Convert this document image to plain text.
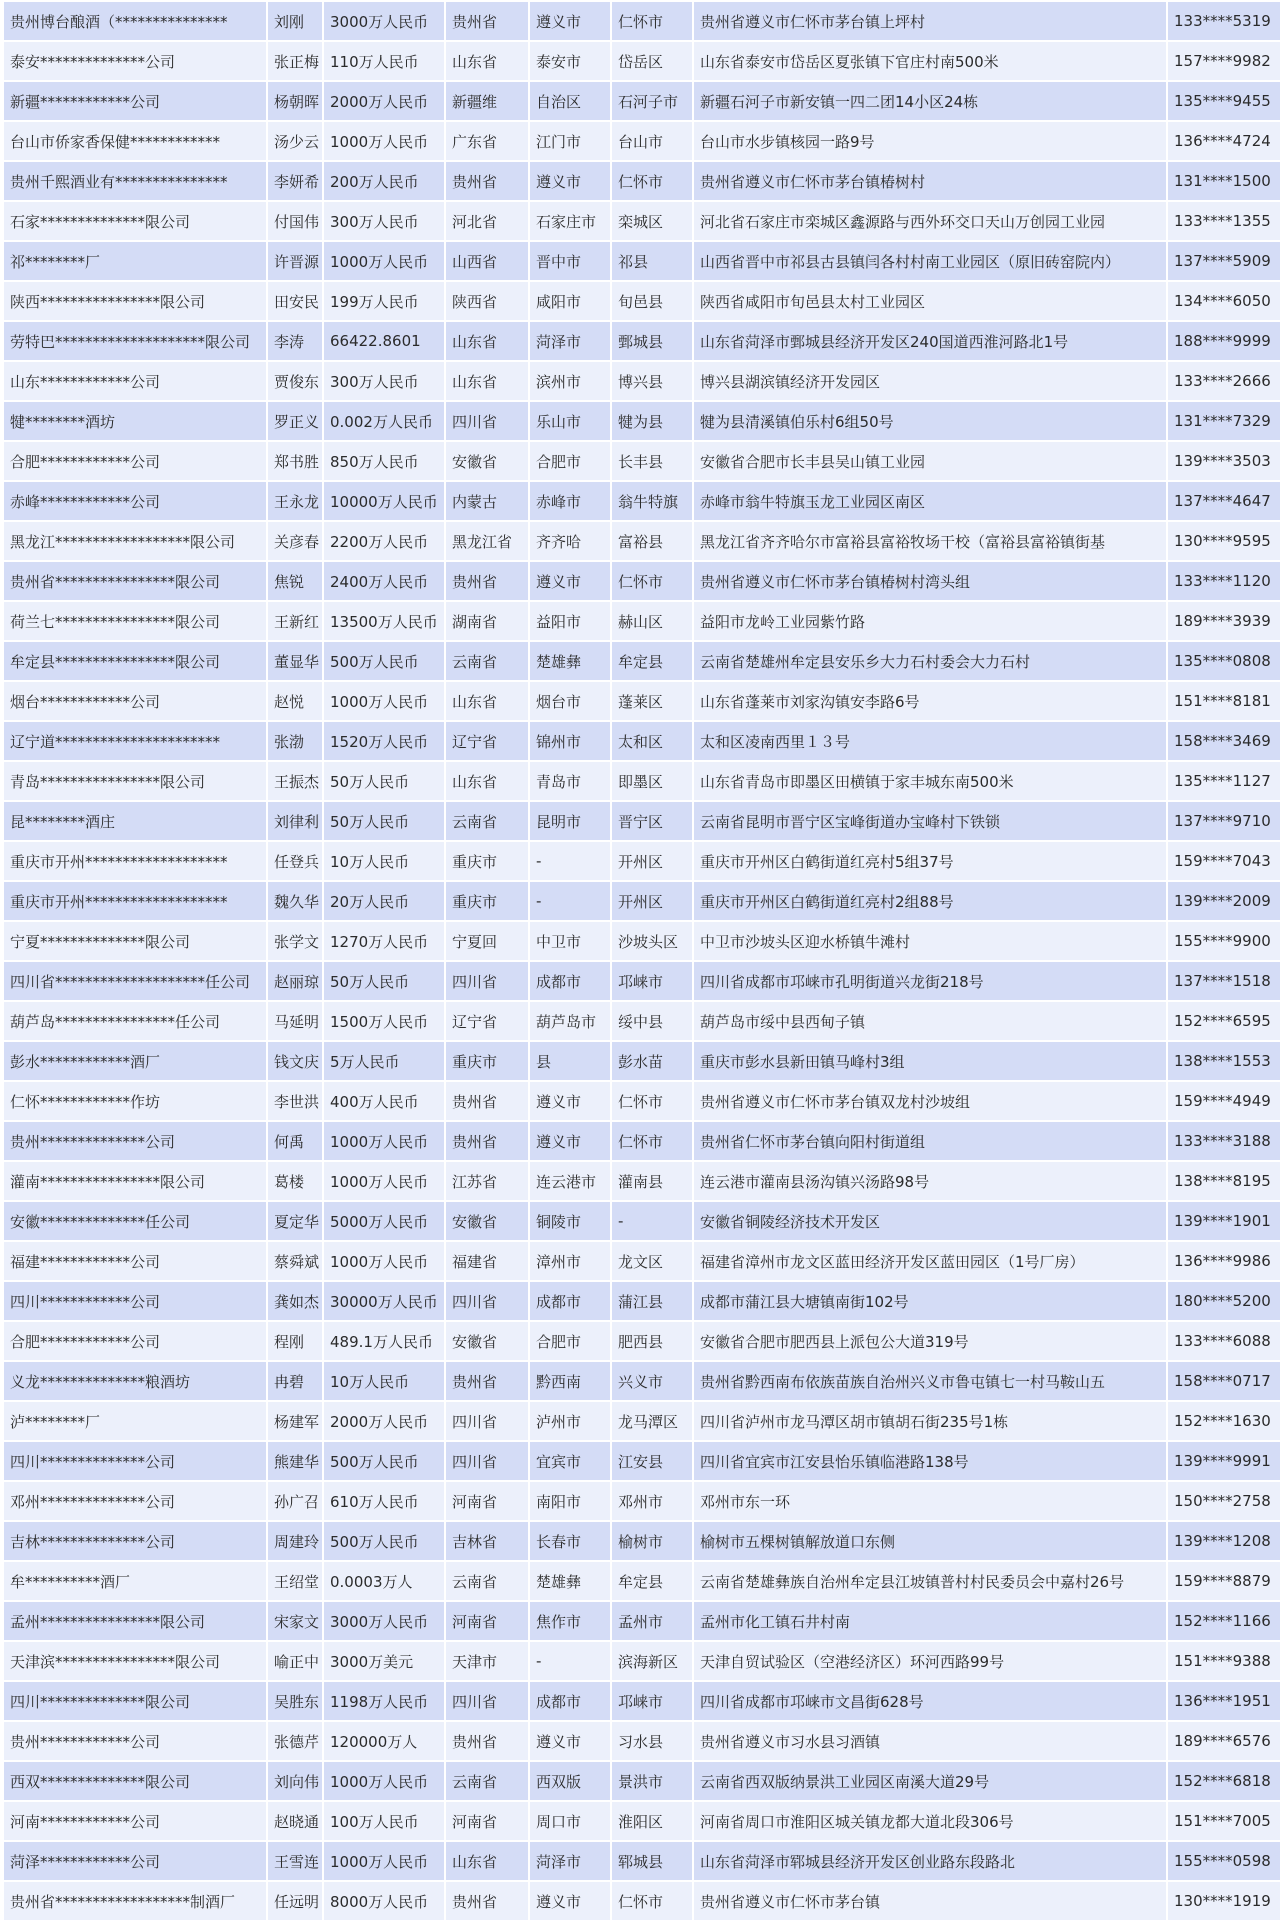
贵州博台酿酒（***************	刘刚	3000万人民币	贵州省	遵义市	仁怀市	贵州省遵义市仁怀市茅台镇上坪村	133****5319
泰安**************公司	张正梅	110万人民币	山东省	泰安市	岱岳区	山东省泰安市岱岳区夏张镇下官庄村南500米	157****9982
新疆************公司	杨朝晖	2000万人民币	新疆维	自治区	石河子市	新疆石河子市新安镇一四二团14小区24栋	135****9455
台山市侨家香保健************	汤少云	1000万人民币	广东省	江门市	台山市	台山市水步镇核园一路9号	136****4724
贵州千熙酒业有***************	李妍希	200万人民币	贵州省	遵义市	仁怀市	贵州省遵义市仁怀市茅台镇椿树村	131****1500
石家**************限公司	付国伟	300万人民币	河北省	石家庄市	栾城区	河北省石家庄市栾城区鑫源路与西外环交口天山万创园工业园	133****1355
祁********厂	许晋源	1000万人民币	山西省	晋中市	祁县	山西省晋中市祁县古县镇闫各村村南工业园区（原旧砖窑院内）	137****5909
陕西****************限公司	田安民	199万人民币	陕西省	咸阳市	旬邑县	陕西省咸阳市旬邑县太村工业园区	134****6050
劳特巴********************限公司	李涛	66422.8601	山东省	菏泽市	鄄城县	山东省菏泽市鄄城县经济开发区240国道西淮河路北1号	188****9999
山东************公司	贾俊东	300万人民币	山东省	滨州市	博兴县	博兴县湖滨镇经济开发园区	133****2666
犍********酒坊	罗正义	0.002万人民币	四川省	乐山市	犍为县	犍为县清溪镇伯乐村6组50号	131****7329
合肥************公司	郑书胜	850万人民币	安徽省	合肥市	长丰县	安徽省合肥市长丰县吴山镇工业园	139****3503
赤峰************公司	王永龙	10000万人民币	内蒙古	赤峰市	翁牛特旗	赤峰市翁牛特旗玉龙工业园区南区	137****4647
黑龙江******************限公司	关彦春	2200万人民币	黑龙江省	齐齐哈	富裕县	黑龙江省齐齐哈尔市富裕县富裕牧场干校（富裕县富裕镇街基	130****9595
贵州省****************限公司	焦锐	2400万人民币	贵州省	遵义市	仁怀市	贵州省遵义市仁怀市茅台镇椿树村湾头组	133****1120
荷兰七****************限公司	王新红	13500万人民币	湖南省	益阳市	赫山区	益阳市龙岭工业园紫竹路	189****3939
牟定县****************限公司	董显华	500万人民币	云南省	楚雄彝	牟定县	云南省楚雄州牟定县安乐乡大力石村委会大力石村	135****0808
烟台************公司	赵悦	1000万人民币	山东省	烟台市	蓬莱区	山东省蓬莱市刘家沟镇安李路6号	151****8181
辽宁道**********************	张渤	1520万人民币	辽宁省	锦州市	太和区	太和区凌南西里１３号	158****3469
青岛****************限公司	王振杰	50万人民币	山东省	青岛市	即墨区	山东省青岛市即墨区田横镇于家丰城东南500米	135****1127
昆********酒庄	刘律利	50万人民币	云南省	昆明市	晋宁区	云南省昆明市晋宁区宝峰街道办宝峰村下铁锁	137****9710
重庆市开州*******************	任登兵	10万人民币	重庆市	-	开州区	重庆市开州区白鹤街道红亮村5组37号	159****7043
重庆市开州*******************	魏久华	20万人民币	重庆市	-	开州区	重庆市开州区白鹤街道红亮村2组88号	139****2009
宁夏**************限公司	张学文	1270万人民币	宁夏回	中卫市	沙坡头区	中卫市沙坡头区迎水桥镇牛滩村	155****9900
四川省********************任公司	赵丽琼	50万人民币	四川省	成都市	邛崃市	四川省成都市邛崃市孔明街道兴龙街218号	137****1518
葫芦岛****************任公司	马延明	1500万人民币	辽宁省	葫芦岛市	绥中县	葫芦岛市绥中县西甸子镇	152****6595
彭水************酒厂	钱文庆	5万人民币	重庆市	县	彭水苗	重庆市彭水县新田镇马峰村3组	138****1553
仁怀************作坊	李世洪	400万人民币	贵州省	遵义市	仁怀市	贵州省遵义市仁怀市茅台镇双龙村沙坡组	159****4949
贵州**************公司	何禹	1000万人民币	贵州省	遵义市	仁怀市	贵州省仁怀市茅台镇向阳村街道组	133****3188
灌南****************限公司	葛楼	1000万人民币	江苏省	连云港市	灌南县	连云港市灌南县汤沟镇兴汤路98号	138****8195
安徽**************任公司	夏定华	5000万人民币	安徽省	铜陵市	-	安徽省铜陵经济技术开发区	139****1901
福建************公司	蔡舜斌	1000万人民币	福建省	漳州市	龙文区	福建省漳州市龙文区蓝田经济开发区蓝田园区（1号厂房）	136****9986
四川************公司	龚如杰	30000万人民币	四川省	成都市	蒲江县	成都市蒲江县大塘镇南街102号	180****5200
合肥************公司	程刚	489.1万人民币	安徽省	合肥市	肥西县	安徽省合肥市肥西县上派包公大道319号	133****6088
义龙**************粮酒坊	冉碧	10万人民币	贵州省	黔西南	兴义市	贵州省黔西南布依族苗族自治州兴义市鲁屯镇七一村马鞍山五	158****0717
泸********厂	杨建军	2000万人民币	四川省	泸州市	龙马潭区	四川省泸州市龙马潭区胡市镇胡石街235号1栋	152****1630
四川**************公司	熊建华	500万人民币	四川省	宜宾市	江安县	四川省宜宾市江安县怡乐镇临港路138号	139****9991
邓州**************公司	孙广召	610万人民币	河南省	南阳市	邓州市	邓州市东一环	150****2758
吉林**************公司	周建玲	500万人民币	吉林省	长春市	榆树市	榆树市五棵树镇解放道口东侧	139****1208
牟**********酒厂	王绍堂	0.0003万人	云南省	楚雄彝	牟定县	云南省楚雄彝族自治州牟定县江坡镇普村村民委员会中嘉村26号	159****8879
孟州****************限公司	宋家文	3000万人民币	河南省	焦作市	孟州市	孟州市化工镇石井村南	152****1166
天津滨****************限公司	喻正中	3000万美元	天津市	-	滨海新区	天津自贸试验区（空港经济区）环河西路99号	151****9388
四川**************限公司	吴胜东	1198万人民币	四川省	成都市	邛崃市	四川省成都市邛崃市文昌街628号	136****1951
贵州************公司	张德芹	120000万人	贵州省	遵义市	习水县	贵州省遵义市习水县习酒镇	189****6576
西双**************限公司	刘向伟	1000万人民币	云南省	西双版	景洪市	云南省西双版纳景洪工业园区南溪大道29号	152****6818
河南************公司	赵晓通	100万人民币	河南省	周口市	淮阳区	河南省周口市淮阳区城关镇龙都大道北段306号	151****7005
菏泽************公司	王雪连	1000万人民币	山东省	菏泽市	郓城县	山东省菏泽市郓城县经济开发区创业路东段路北	155****0598
贵州省******************制酒厂	任远明	8000万人民币	贵州省	遵义市	仁怀市	贵州省遵义市仁怀市茅台镇	130****1919
